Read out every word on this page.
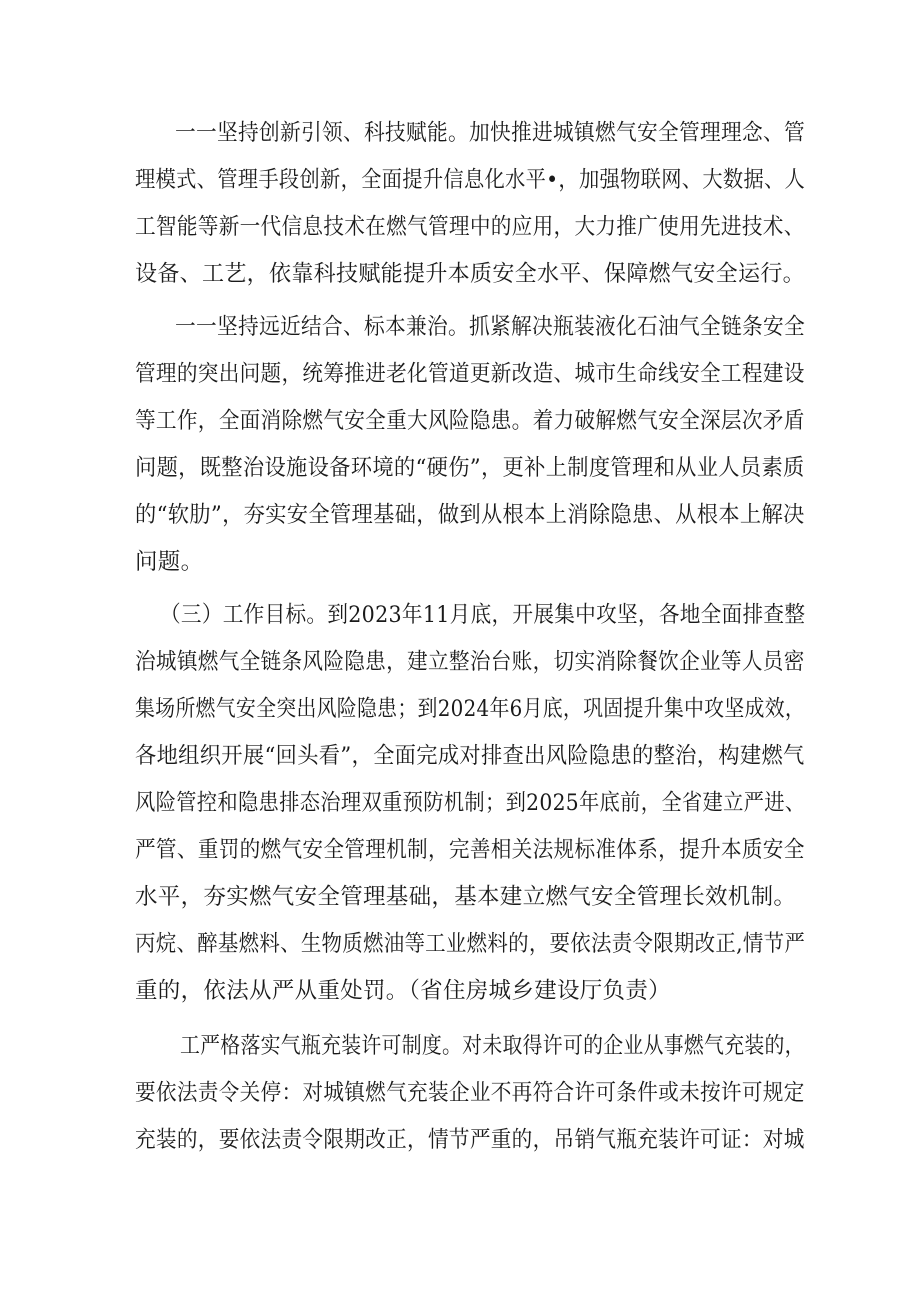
一一坚持创新引领、科技赋能。加快推进城镇燃气安全管理理念、管
理模式、管理手段创新，全面提升信息化水平•，加强物联网、大数据、人
工智能等新一代信息技术在燃气管理中的应用，大力推广使用先进技术、
设备、工艺，依靠科技赋能提升本质安全水平、保障燃气安全运行。
一一坚持远近结合、标本兼治。抓紧解决瓶装液化石油气全链条安全
管理的突出问题，统筹推进老化管道更新改造、城市生命线安全工程建设
等工作，全面消除燃气安全重大风险隐患。着力破解燃气安全深层次矛盾
问题，既整治设施设备环境的“硬伤”，更补上制度管理和从业人员素质
的“软肋”，夯实安全管理基础，做到从根本上消除隐患、从根本上解决
问题。
（三）工作目标。到2023年11月底，开展集中攻坚，各地全面排查整
治城镇燃气全链条风险隐患，建立整治台账，切实消除餐饮企业等人员密
集场所燃气安全突出风险隐患；到2024年6月底，巩固提升集中攻坚成效，
各地组织开展“回头看”，全面完成对排查出风险隐患的整治，构建燃气
风险管控和隐患排态治理双重预防机制；到2025年底前，全省建立严进、
严管、重罚的燃气安全管理机制，完善相关法规标准体系，提升本质安全
水平，夯实燃气安全管理基础，基本建立燃气安全管理长效机制。
丙烷、醉基燃料、生物质燃油等工业燃料的，要依法责令限期改正,情节严
重的，依法从严从重处罚。（省住房城乡建设厅负责）
工严格落实气瓶充装许可制度。对未取得许可的企业从事燃气充装的，
要依法责令关停：对城镇燃气充装企业不再符合许可条件或未按许可规定
充装的，要依法责令限期改正，情节严重的，吊销气瓶充装许可证：对城
